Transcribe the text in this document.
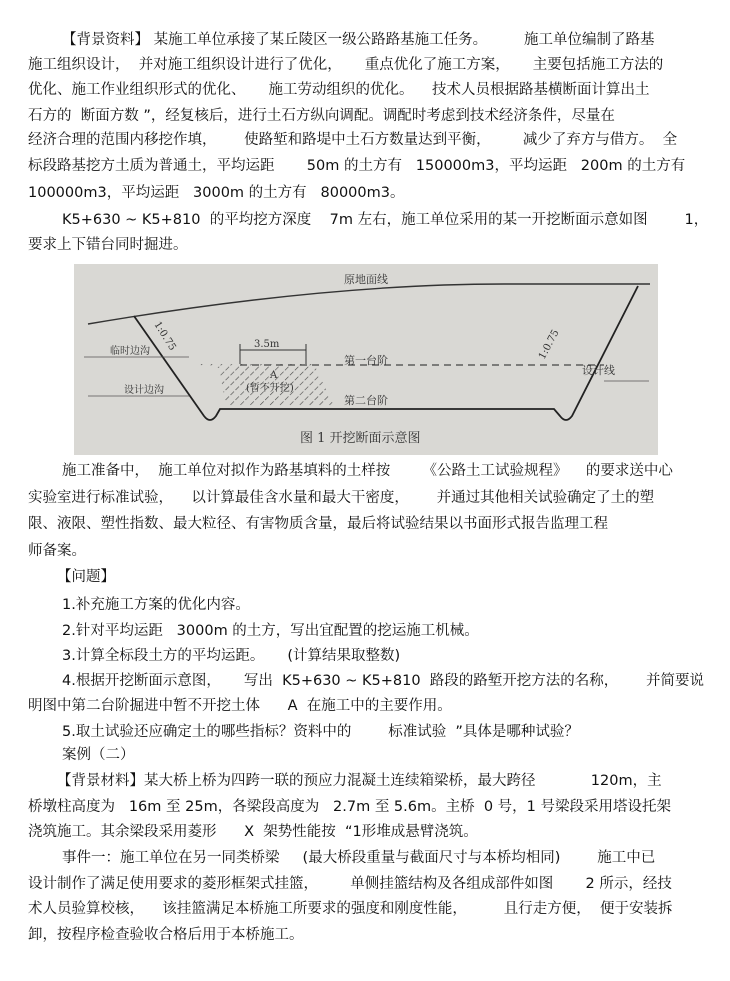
【背景资料】 某施工单位承接了某丘陵区一级公路路基施工任务。        施工单位编制了路基
施工组织设计，  并对施工组织设计进行了优化，     重点优化了施工方案，     主要包括施工方法的
优化、施工作业组织形式的优化、     施工劳动组织的优化。    技术人员根据路基横断面计算出土
石方的  断面方数 ”，经复核后，进行土石方纵向调配。调配时考虑到技术经济条件，尽量在
经济合理的范围内移挖作填，      使路堑和路堤中土石方数量达到平衡，       减少了弃方与借方。  全
标段路基挖方土质为普通土，平均运距       50m 的土方有   150000m3，平均运距   200m 的土方有
100000m3，平均运距   3000m 的土方有   80000m3。
K5+630 ~ K5+810  的平均挖方深度    7m 左右，施工单位采用的某一开挖断面示意如图        1，
要求上下错台同时掘进。
原地面线
1:0.75	1:0.75
3.5m
临时边沟
设计边沟
第一台阶
第二台阶
设计线
A
(暂不开挖)
图 1 开挖断面示意图
施工准备中，  施工单位对拟作为路基填料的土样按       《公路土工试验规程》    的要求送中心
实验室进行标准试验，    以计算最佳含水量和最大干密度，      并通过其他相关试验确定了土的塑
限、液限、塑性指数、最大粒径、有害物质含量，最后将试验结果以书面形式报告监理工程
师备案。
【问题】
1.补充施工方案的优化内容。
2.针对平均运距   3000m 的土方，写出宜配置的挖运施工机械。
3.计算全标段土方的平均运距。     (计算结果取整数)
4.根据开挖断面示意图，     写出  K5+630 ~ K5+810  路段的路堑开挖方法的名称，      并简要说
明图中第二台阶掘进中暂不开挖土体      A  在施工中的主要作用。
5.取土试验还应确定土的哪些指标？资料中的        标准试验  ”具体是哪种试验？
案例（二）
【背景材料】某大桥上桥为四跨一联的预应力混凝土连续箱梁桥，最大跨径            120m，主
桥墩柱高度为   16m 至 25m，各梁段高度为   2.7m 至 5.6m。主桥  0 号，1 号梁段采用塔设托架
浇筑施工。其余梁段采用菱形      X  架势性能按  “1形堆成悬臂浇筑。
事件一：施工单位在另一同类桥梁     (最大桥段重量与截面尺寸与本桥均相同)        施工中已
设计制作了满足使用要求的菱形框架式挂篮，       单侧挂篮结构及各组成部件如图       2 所示，经技
术人员验算校核，    该挂篮满足本桥施工所要求的强度和刚度性能，        且行走方便，  便于安装拆
卸，按程序检查验收合格后用于本桥施工。
